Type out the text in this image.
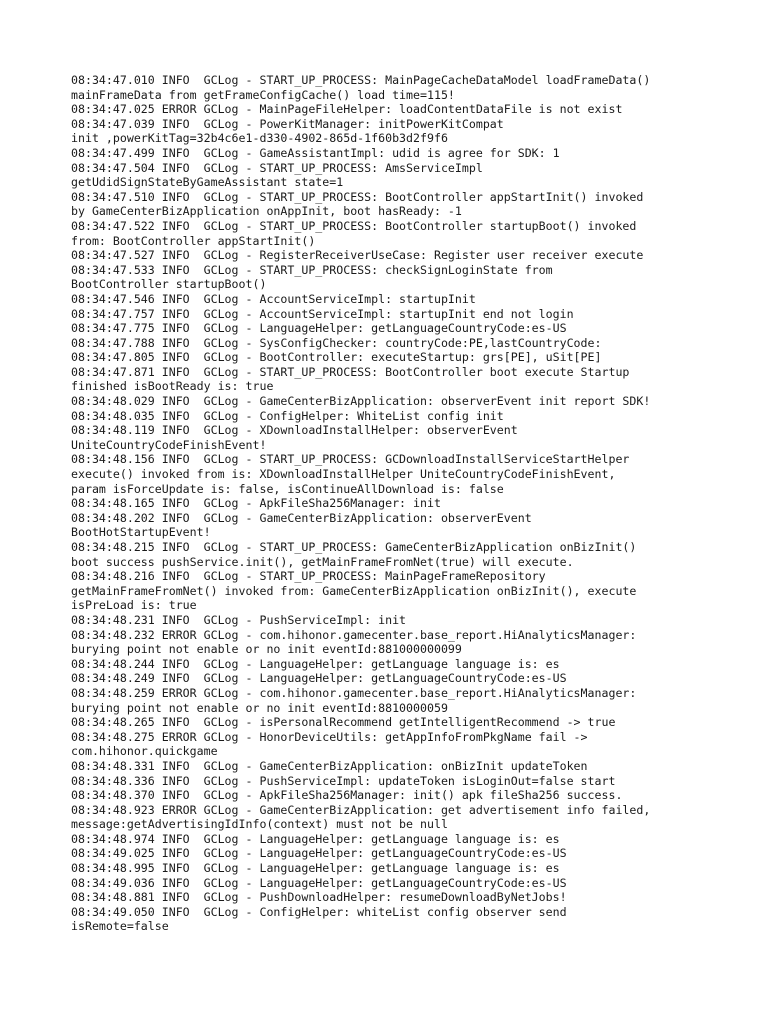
08:34:47.010 INFO  GCLog - START_UP_PROCESS: MainPageCacheDataModel loadFrameData()
mainFrameData from getFrameConfigCache() load time=115!
08:34:47.025 ERROR GCLog - MainPageFileHelper: loadContentDataFile is not exist
08:34:47.039 INFO  GCLog - PowerKitManager: initPowerKitCompat
init ,powerKitTag=32b4c6e1-d330-4902-865d-1f60b3d2f9f6
08:34:47.499 INFO  GCLog - GameAssistantImpl: udid is agree for SDK: 1
08:34:47.504 INFO  GCLog - START_UP_PROCESS: AmsServiceImpl
getUdidSignStateByGameAssistant state=1
08:34:47.510 INFO  GCLog - START_UP_PROCESS: BootController appStartInit() invoked
by GameCenterBizApplication onAppInit, boot hasReady: -1
08:34:47.522 INFO  GCLog - START_UP_PROCESS: BootController startupBoot() invoked
from: BootController appStartInit()
08:34:47.527 INFO  GCLog - RegisterReceiverUseCase: Register user receiver execute
08:34:47.533 INFO  GCLog - START_UP_PROCESS: checkSignLoginState from
BootController startupBoot()
08:34:47.546 INFO  GCLog - AccountServiceImpl: startupInit
08:34:47.757 INFO  GCLog - AccountServiceImpl: startupInit end not login
08:34:47.775 INFO  GCLog - LanguageHelper: getLanguageCountryCode:es-US
08:34:47.788 INFO  GCLog - SysConfigChecker: countryCode:PE,lastCountryCode:
08:34:47.805 INFO  GCLog - BootController: executeStartup: grs[PE], uSit[PE]
08:34:47.871 INFO  GCLog - START_UP_PROCESS: BootController boot execute Startup
finished isBootReady is: true
08:34:48.029 INFO  GCLog - GameCenterBizApplication: observerEvent init report SDK!
08:34:48.035 INFO  GCLog - ConfigHelper: WhiteList config init
08:34:48.119 INFO  GCLog - XDownloadInstallHelper: observerEvent
UniteCountryCodeFinishEvent!
08:34:48.156 INFO  GCLog - START_UP_PROCESS: GCDownloadInstallServiceStartHelper
execute() invoked from is: XDownloadInstallHelper UniteCountryCodeFinishEvent,
param isForceUpdate is: false, isContinueAllDownload is: false
08:34:48.165 INFO  GCLog - ApkFileSha256Manager: init
08:34:48.202 INFO  GCLog - GameCenterBizApplication: observerEvent
BootHotStartupEvent!
08:34:48.215 INFO  GCLog - START_UP_PROCESS: GameCenterBizApplication onBizInit()
boot success pushService.init(), getMainFrameFromNet(true) will execute.
08:34:48.216 INFO  GCLog - START_UP_PROCESS: MainPageFrameRepository
getMainFrameFromNet() invoked from: GameCenterBizApplication onBizInit(), execute
isPreLoad is: true
08:34:48.231 INFO  GCLog - PushServiceImpl: init
08:34:48.232 ERROR GCLog - com.hihonor.gamecenter.base_report.HiAnalyticsManager:
burying point not enable or no init eventId:881000000099
08:34:48.244 INFO  GCLog - LanguageHelper: getLanguage language is: es
08:34:48.249 INFO  GCLog - LanguageHelper: getLanguageCountryCode:es-US
08:34:48.259 ERROR GCLog - com.hihonor.gamecenter.base_report.HiAnalyticsManager:
burying point not enable or no init eventId:8810000059
08:34:48.265 INFO  GCLog - isPersonalRecommend getIntelligentRecommend -> true
08:34:48.275 ERROR GCLog - HonorDeviceUtils: getAppInfoFromPkgName fail ->
com.hihonor.quickgame
08:34:48.331 INFO  GCLog - GameCenterBizApplication: onBizInit updateToken
08:34:48.336 INFO  GCLog - PushServiceImpl: updateToken isLoginOut=false start
08:34:48.370 INFO  GCLog - ApkFileSha256Manager: init() apk fileSha256 success.
08:34:48.923 ERROR GCLog - GameCenterBizApplication: get advertisement info failed,
message:getAdvertisingIdInfo(context) must not be null
08:34:48.974 INFO  GCLog - LanguageHelper: getLanguage language is: es
08:34:49.025 INFO  GCLog - LanguageHelper: getLanguageCountryCode:es-US
08:34:48.995 INFO  GCLog - LanguageHelper: getLanguage language is: es
08:34:49.036 INFO  GCLog - LanguageHelper: getLanguageCountryCode:es-US
08:34:48.881 INFO  GCLog - PushDownloadHelper: resumeDownloadByNetJobs!
08:34:49.050 INFO  GCLog - ConfigHelper: whiteList config observer send
isRemote=false
